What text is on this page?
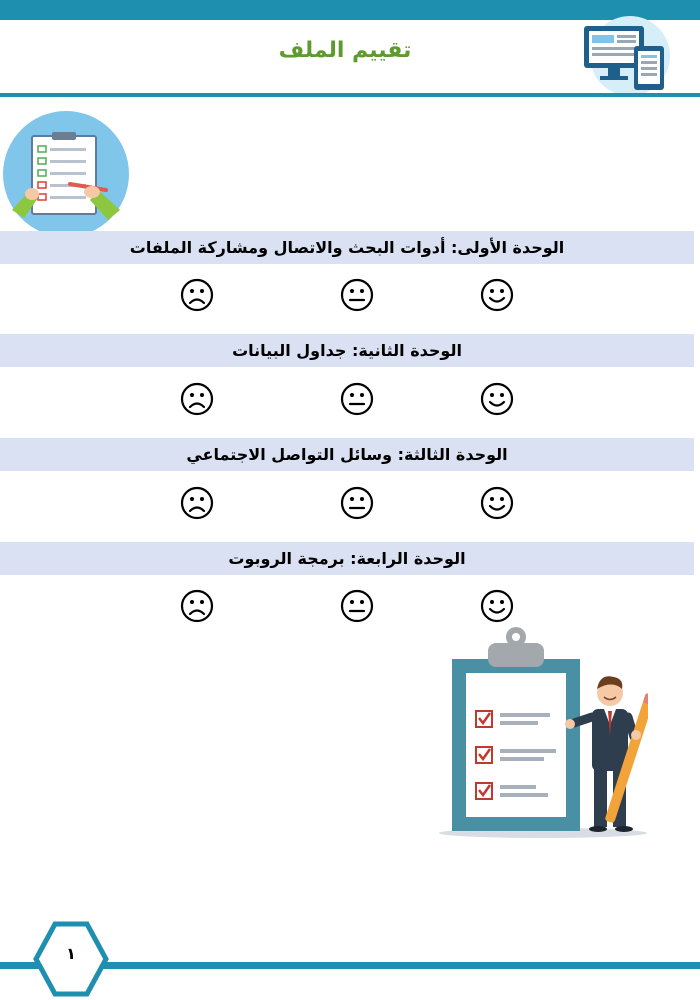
تقييم الملف
الوحدة الأولى: أدوات البحث والاتصال ومشاركة الملفات
الوحدة الثانية: جداول البيانات
الوحدة الثالثة: وسائل التواصل الاجتماعي
الوحدة الرابعة: برمجة الروبوت
١
